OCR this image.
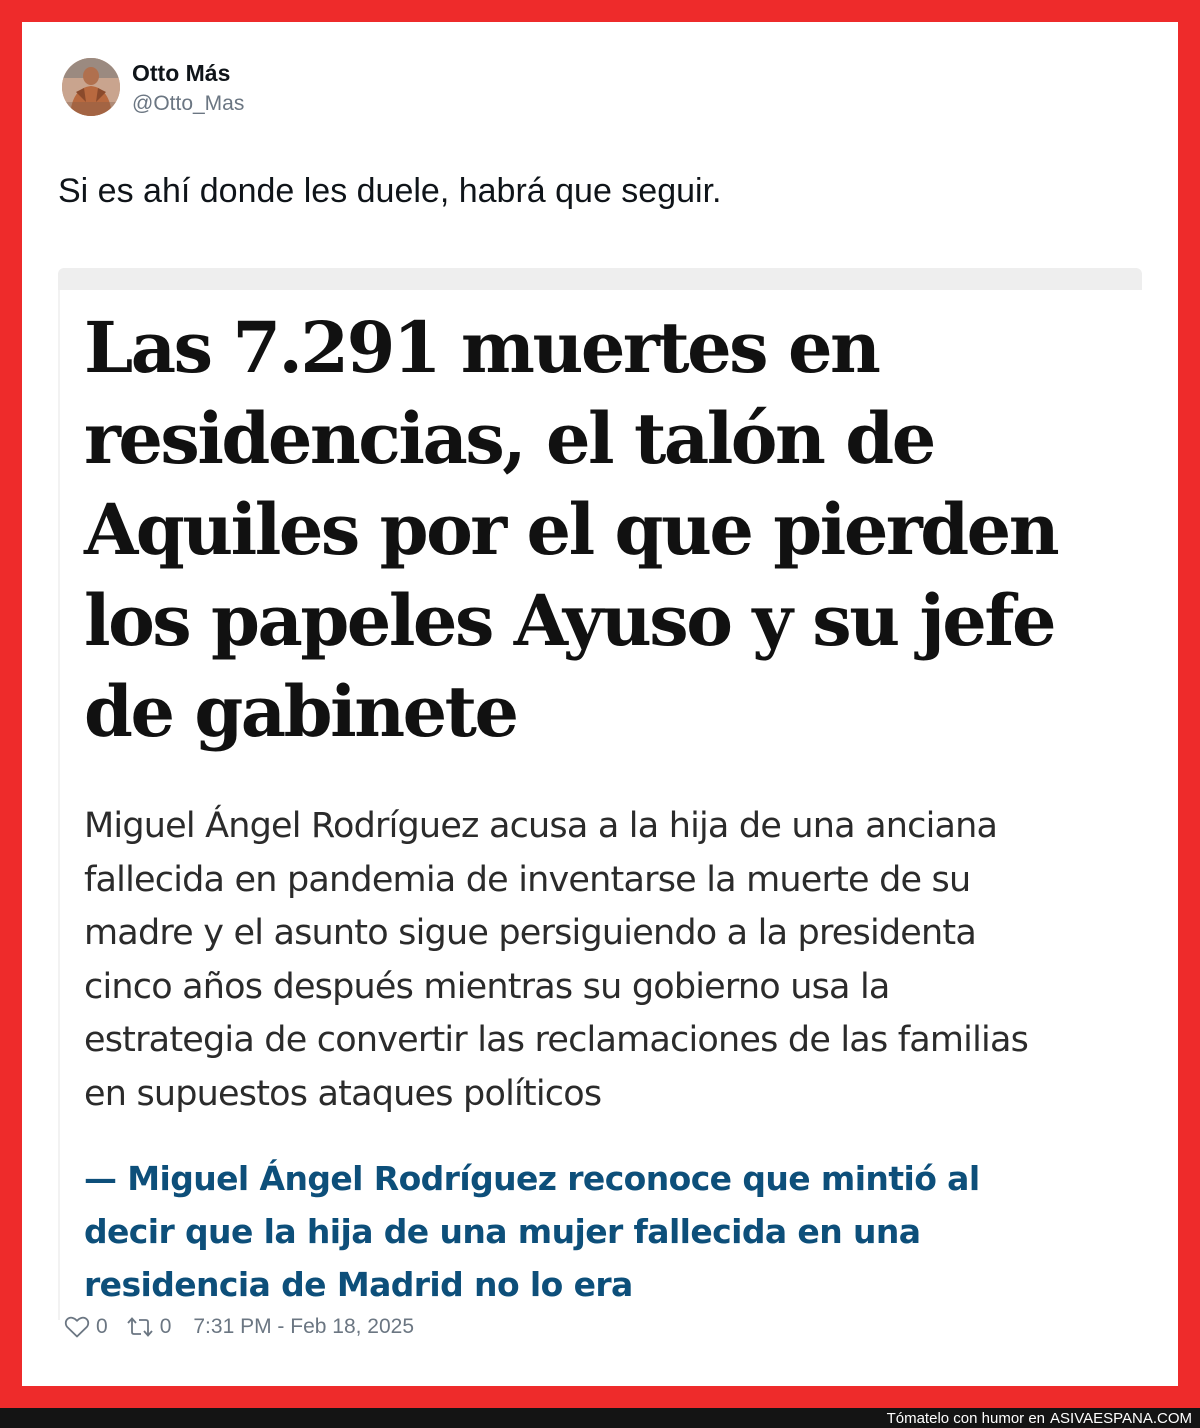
Otto Más
@Otto_Mas
Si es ahí donde les duele, habrá que seguir.
Las 7.291 muertes en
residencias, el talón de
Aquiles por el que pierden
los papeles Ayuso y su jefe
de gabinete
Miguel Ángel Rodríguez acusa a la hija de una anciana
fallecida en pandemia de inventarse la muerte de su
madre y el asunto sigue persiguiendo a la presidenta
cinco años después mientras su gobierno usa la
estrategia de convertir las reclamaciones de las familias
en supuestos ataques políticos
— Miguel Ángel Rodríguez reconoce que mintió al
decir que la hija de una mujer fallecida en una
residencia de Madrid no lo era
0 0 7:31 PM - Feb 18, 2025
Tómatelo con humor en ASIVAESPANA.COM
